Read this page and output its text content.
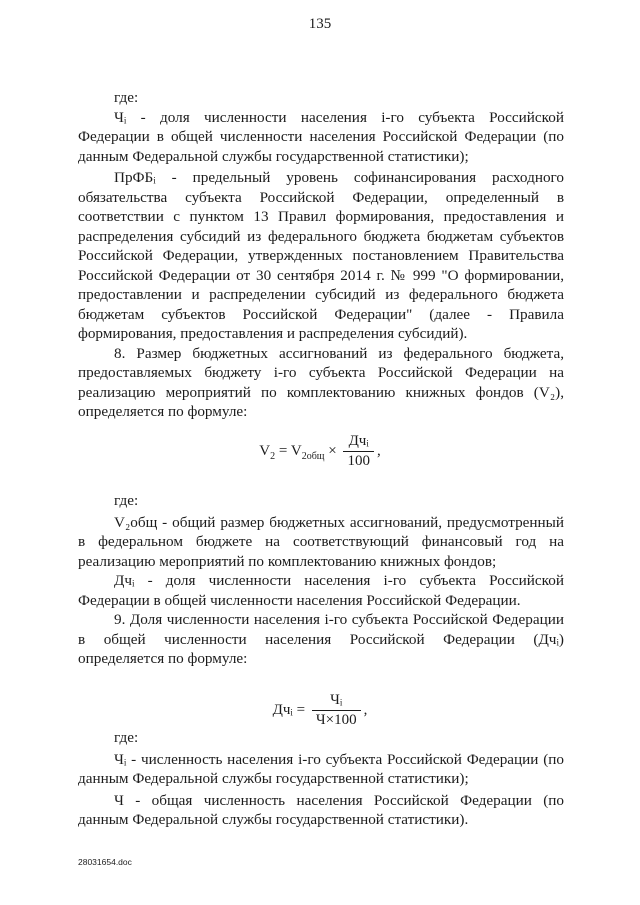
135

где:

Чᵢ - доля численности населения i-го субъекта Российской Федерации в общей численности населения Российской Федерации (по данным Федеральной службы государственной статистики);

ПрФБᵢ - предельный уровень софинансирования расходного обязательства субъекта Российской Федерации, определенный в соответствии с пунктом 13 Правил формирования, предоставления и распределения субсидий из федерального бюджета бюджетам субъектов Российской Федерации, утвержденных постановлением Правительства Российской Федерации от 30 сентября 2014 г. № 999 "О формировании, предоставлении и распределении субсидий из федерального бюджета бюджетам субъектов Российской Федерации" (далее - Правила формирования, предоставления и распределения субсидий).

8. Размер бюджетных ассигнований из федерального бюджета, предоставляемых бюджету i-го субъекта Российской Федерации на реализацию мероприятий по комплектованию книжных фондов (V₂), определяется по формуле:

$V_2 = V_{2общ} \times \frac{\text{Дчᵢ}}{100}$ ,

где:

V₂общ - общий размер бюджетных ассигнований, предусмотренный в федеральном бюджете на соответствующий финансовый год на реализацию мероприятий по комплектованию книжных фондов;

Дчᵢ - доля численности населения i-го субъекта Российской Федерации в общей численности населения Российской Федерации.

9. Доля численности населения i-го субъекта Российской Федерации в общей численности населения Российской Федерации (Дчᵢ) определяется по формуле:

Дчᵢ = $\frac{\text{Чᵢ}}{Ч\times 100}$ ,

где:

Чᵢ - численность населения i-го субъекта Российской Федерации (по данным Федеральной службы государственной статистики);

Ч - общая численность населения Российской Федерации (по данным Федеральной службы государственной статистики).

28031654.doc
